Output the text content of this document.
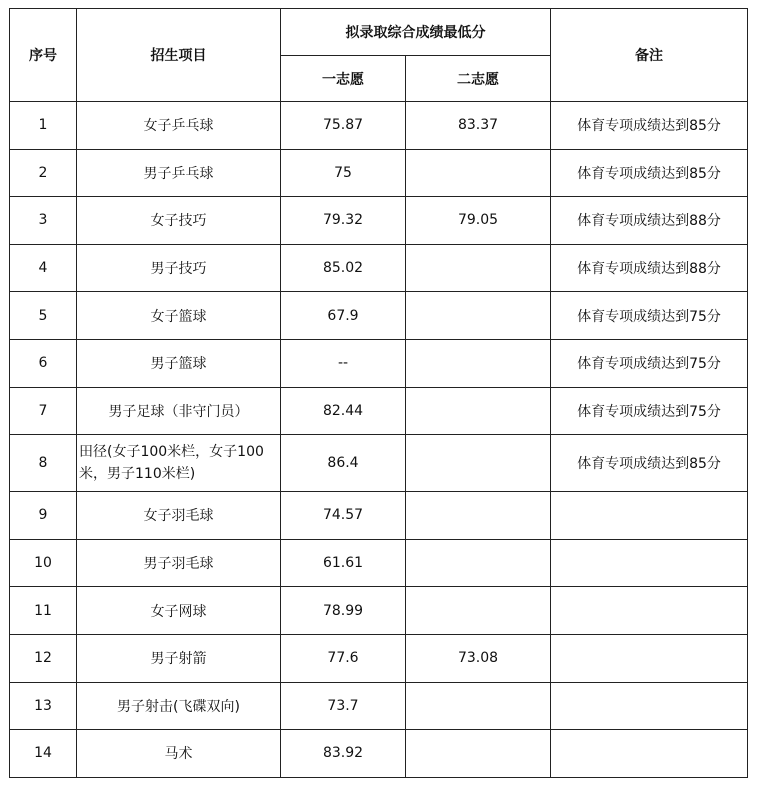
序号	招生项目	拟录取综合成绩最低分		备注
		一志愿	二志愿	
1	女子乒乓球	75.87	83.37	体育专项成绩达到85分
2	男子乒乓球	75		体育专项成绩达到85分
3	女子技巧	79.32	79.05	体育专项成绩达到88分
4	男子技巧	85.02		体育专项成绩达到88分
5	女子篮球	67.9		体育专项成绩达到75分
6	男子篮球	--		体育专项成绩达到75分
7	男子足球（非守门员）	82.44		体育专项成绩达到75分
8	田径(女子100米栏，女子100米，男子110米栏)	86.4		体育专项成绩达到85分
9	女子羽毛球	74.57		
10	男子羽毛球	61.61		
11	女子网球	78.99		
12	男子射箭	77.6	73.08	
13	男子射击(飞碟双向)	73.7		
14	马术	83.92		
